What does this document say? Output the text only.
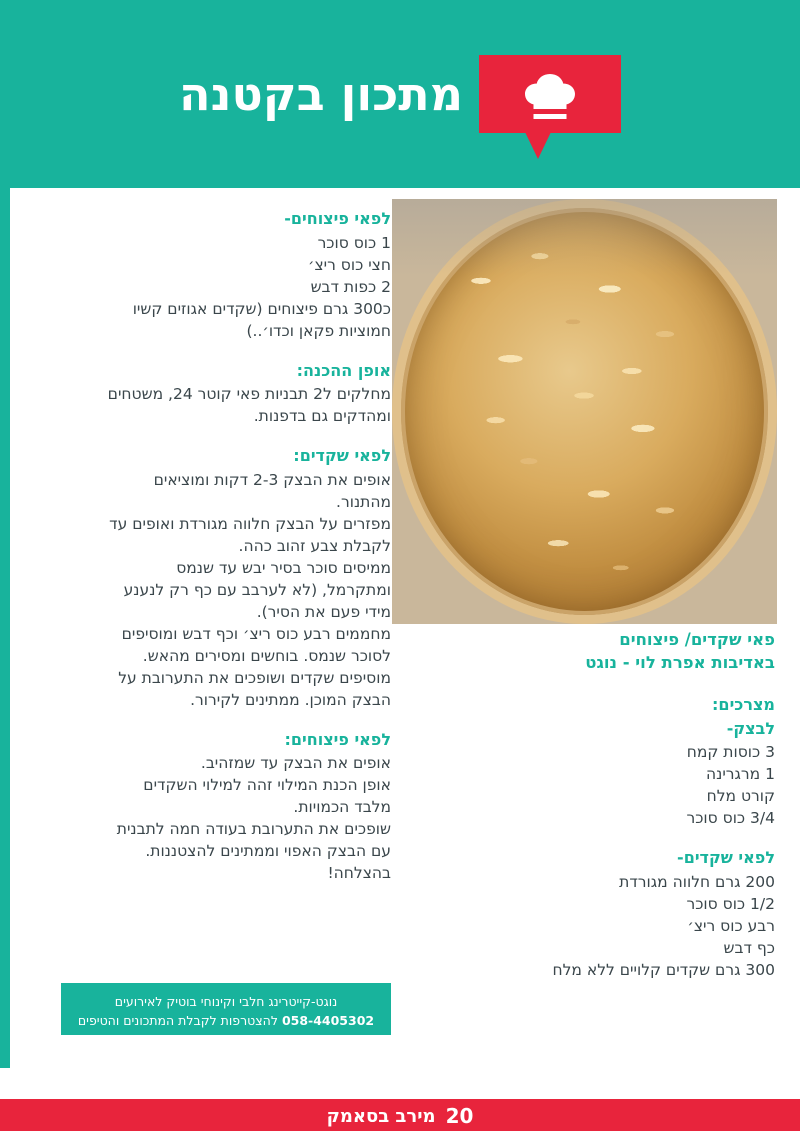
מתכון בקטנה
לפאי פיצוחים-
1 כוס סוכר
חצי כוס ריצ׳
2 כפות דבש
כ300 גרם פיצוחים (שקדים אגוזים קשיו
חמוציות פקאן וכדו׳..)
אופן ההכנה:
מחלקים ל2 תבניות פאי קוטר 24, משטחים
ומהדקים גם בדפנות.
לפאי שקדים:
אופים את הבצק 2-3 דקות ומוציאים
מהתנור.
מפזרים על הבצק חלווה מגורדת ואופים עד
לקבלת צבע זהוב כהה.
ממיסים סוכר בסיר יבש עד שנמס
ומתקרמל, (לא לערבב עם כף רק לנענע
מידי פעם את הסיר).
מחממים רבע כוס ריצ׳ וכף דבש ומוסיפים
לסוכר שנמס. בוחשים ומסירים מהאש.
מוסיפים שקדים ושופכים את התערובת על
הבצק המוכן. ממתינים לקירור.
לפאי פיצוחים:
אופים את הבצק עד שמזהיב.
אופן הכנת המילוי זהה למילוי השקדים
מלבד הכמויות.
שופכים את התערובת בעודה חמה לתבנית
עם הבצק האפוי וממתינים להצטננות.
בהצלחה!
פאי שקדים/ פיצוחים
באדיבות אפרת לוי - נוגט
מצרכים:
לבצק-
3 כוסות קמח
1 מרגרינה
קורט מלח
3/4 כוס סוכר
לפאי שקדים-
200 גרם חלווה מגורדת
1/2 כוס סוכר
רבע כוס ריצ׳
כף דבש
300 גרם שקדים קלויים ללא מלח
נוגט-קייטרינג חלבי וקינוחי בוטיק לאירועים
058-4405302 להצטרפות לקבלת המתכונים והטיפים
מירב בסאמק 20
